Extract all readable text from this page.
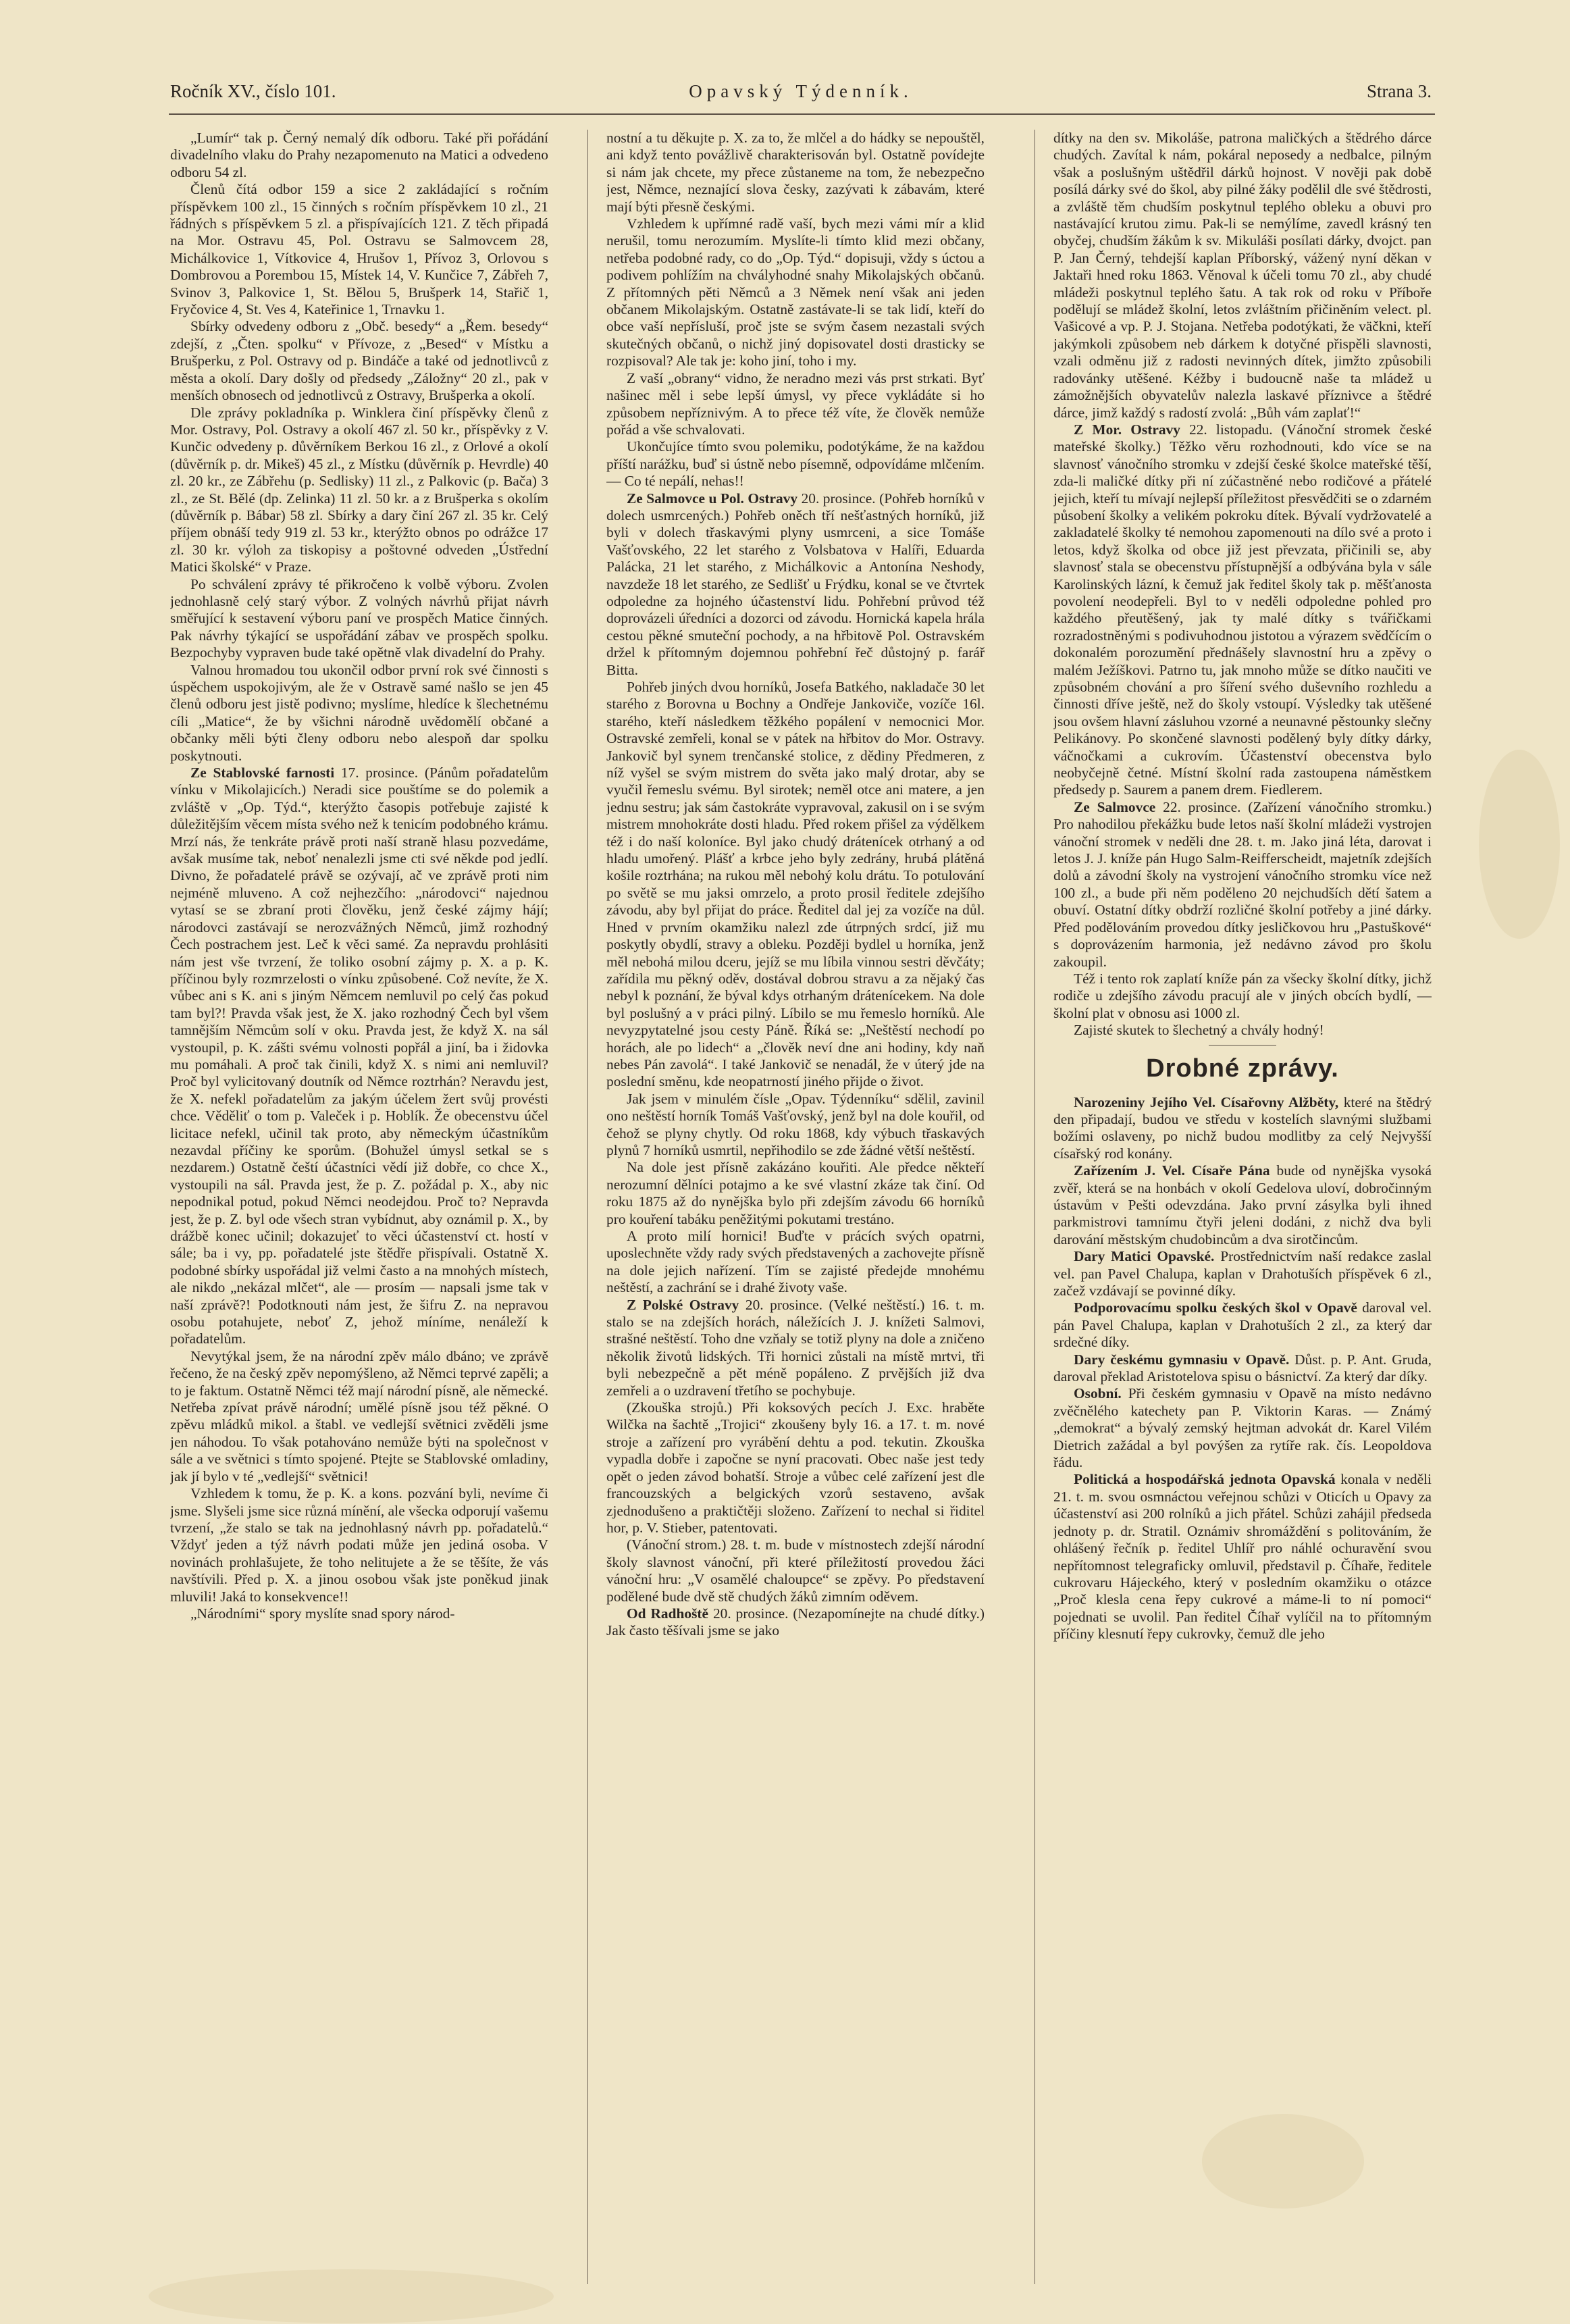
Ročník XV., číslo 101.	Opavský Týdenník.	Strana 3.

„Lumír“ tak p. Černý nemalý dík odboru. Také při pořádání divadelního vlaku do Prahy nezapomenuto na Matici a odvedeno odboru 54 zl.

Členů čítá odbor 159 a sice 2 zakládající s ročním příspěvkem 100 zl., 15 činných s ročním příspěvkem 10 zl., 21 řádných s příspěvkem 5 zl. a přispívajících 121. Z těch připadá na Mor. Ostravu 45, Pol. Ostravu se Salmovcem 28, Michálkovice 1, Vítkovice 4, Hrušov 1, Přívoz 3, Orlovou s Dombrovou a Porembou 15, Místek 14, V. Kunčice 7, Zábřeh 7, Svinov 3, Palkovice 1, St. Bělou 5, Brušperk 14, Stařič 1, Fryčovice 4, St. Ves 4, Kateřinice 1, Trnavku 1.

Sbírky odvedeny odboru z „Obč. besedy“ a „Řem. besedy“ zdejší, z „Čten. spolku“ v Přívoze, z „Besed“ v Místku a Brušperku, z Pol. Ostravy od p. Bindáče a také od jednotlivců z města a okolí. Dary došly od předsedy „Záložny“ 20 zl., pak v menších obnosech od jednotlivců z Ostravy, Brušperka a okolí.

Dle zprávy pokladníka p. Winklera činí příspěvky členů z Mor. Ostravy, Pol. Ostravy a okolí 467 zl. 50 kr., příspěvky z V. Kunčic odvedeny p. důvěrníkem Berkou 16 zl., z Orlové a okolí (důvěrník p. dr. Mikeš) 45 zl., z Místku (důvěrník p. Hevrdle) 40 zl. 20 kr., ze Zábřehu (p. Sedlisky) 11 zl., z Palkovic (p. Bača) 3 zl., ze St. Bělé (dp. Zelinka) 11 zl. 50 kr. a z Brušperka s okolím (důvěrník p. Bábar) 58 zl. Sbírky a dary činí 267 zl. 35 kr. Celý příjem obnáší tedy 919 zl. 53 kr., kterýžto obnos po odrážce 17 zl. 30 kr. výloh za tiskopisy a poštovné odveden „Ústřední Matici školské“ v Praze.

Po schválení zprávy té přikročeno k volbě výboru. Zvolen jednohlasně celý starý výbor. Z volných návrhů přijat návrh směřující k sestavení výboru paní ve prospěch Matice činných. Pak návrhy týkající se uspořádání zábav ve prospěch spolku. Bezpochyby vypraven bude také opětně vlak divadelní do Prahy.

Valnou hromadou tou ukončil odbor první rok své činnosti s úspěchem uspokojivým, ale že v Ostravě samé našlo se jen 45 členů odboru jest jistě podivno; myslíme, hledíce k šlechetnému cíli „Matice“, že by všichni národně uvědomělí občané a občanky měli býti členy odboru nebo alespoň dar spolku poskytnouti.

Ze Stablovské farnosti 17. prosince. (Pánům pořadatelům vínku v Mikolajicích.) Neradi sice pouštíme se do polemik a zvláště v „Op. Týd.“, kterýžto časopis potřebuje zajisté k důležitějším věcem místa svého než k tenicím podobného krámu. Mrzí nás, že tenkráte právě proti naší straně hlasu pozvedáme, avšak musíme tak, neboť nenalezli jsme cti své někde pod jedlí. Divno, že pořadatelé právě se ozývají, ač ve zprávě proti nim nejméně mluveno. A což nejhezčího: „národovci“ najednou vytasí se se zbraní proti člověku, jenž české zájmy hájí; národovci zastávají se nerozvážných Němců, jimž rozhodný Čech postrachem jest. Leč k věci samé. Za nepravdu prohlásiti nám jest vše tvrzení, že toliko osobní zájmy p. X. a p. K. příčinou byly rozmrzelosti o vínku způsobené. Což nevíte, že X. vůbec ani s K. ani s jiným Němcem nemluvil po celý čas pokud tam byl?! Pravda však jest, že X. jako rozhodný Čech byl všem tamnějším Němcům solí v oku. Pravda jest, že když X. na sál vystoupil, p. K. zášti svému volnosti popřál a jiní, ba i židovka mu pomáhali. A proč tak činili, když X. s nimi ani nemluvil? Proč byl vylicitovaný doutník od Němce roztrhán? Neravdu jest, že X. nefekl pořadatelům za jakým účelem žert svůj provésti chce. Věděliť o tom p. Valeček i p. Hoblík. Že obecenstvu účel licitace nefekl, učinil tak proto, aby německým účastníkům nezavdal příčiny ke sporům. (Bohužel úmysl setkal se s nezdarem.) Ostatně čeští účastníci vědí již dobře, co chce X., vystoupili na sál. Pravda jest, že p. Z. požádal p. X., aby nic nepodnikal potud, pokud Němci neodejdou. Proč to? Nepravda jest, že p. Z. byl ode všech stran vybídnut, aby oznámil p. X., by drážbě konec učinil; dokazujeť to věci účastenství ct. hostí v sále; ba i vy, pp. pořadatelé jste štědře přispívali. Ostatně X. podobné sbírky uspořádal již velmi často a na mnohých místech, ale nikdo „nekázal mlčet“, ale — prosím — napsali jsme tak v naší zprávě?! Podotknouti nám jest, že šifru Z. na nepravou osobu potahujete, neboť Z, jehož míníme, nenáleží k pořadatelům.

Nevytýkal jsem, že na národní zpěv málo dbáno; ve zprávě řečeno, že na český zpěv nepomýšleno, až Němci teprvé zapěli; a to je faktum. Ostatně Němci též mají národní písně, ale německé. Netřeba zpívat právě národní; umělé písně jsou též pěkné. O zpěvu mládků mikol. a štabl. ve vedlejší světnici zvěděli jsme jen náhodou. To však potahováno nemůže býti na společnost v sále a ve světnici s tímto spojené. Ptejte se Stablovské omladiny, jak jí bylo v té „vedlejší“ světnici!

Vzhledem k tomu, že p. K. a kons. pozvání byli, nevíme či jsme. Slyšeli jsme sice různá mínění, ale všecka odporují vašemu tvrzení, „že stalo se tak na jednohlasný návrh pp. pořadatelů.“ Vždyť jeden a týž návrh podati může jen jediná osoba. V novinách prohlašujete, že toho nelitujete a že se těšíte, že vás navštívili. Před p. X. a jinou osobou však jste poněkud jinak mluvili! Jaká to konsekvence!!

„Národními“ spory myslíte snad spory národ-

nostní a tu děkujte p. X. za to, že mlčel a do hádky se nepouštěl, ani když tento povážlivě charakterisován byl. Ostatně povídejte si nám jak chcete, my přece zůstaneme na tom, že nebezpečno jest, Němce, neznající slova česky, zazývati k zábavám, které mají býti přesně českými.

Vzhledem k upřímné radě vaší, bych mezi vámi mír a klid nerušil, tomu nerozumím. Myslíte-li tímto klid mezi občany, netřeba podobné rady, co do „Op. Týd.“ dopisuji, vždy s úctou a podivem pohlížím na chvályhodné snahy Mikolajských občanů. Z přítomných pěti Němců a 3 Němek není však ani jeden občanem Mikolajským. Ostatně zastávate-li se tak lidí, kteří do obce vaší nepřísluší, proč jste se svým časem nezastali svých skutečných občanů, o nichž jiný dopisovatel dosti drasticky se rozpisoval? Ale tak je: koho jiní, toho i my.

Z vaší „obrany“ vidno, že neradno mezi vás prst strkati. Byť našinec měl i sebe lepší úmysl, vy přece vykládáte si ho způsobem nepříznivým. A to přece též víte, že člověk nemůže pořád a vše schvalovati.

Ukončujíce tímto svou polemiku, podotýkáme, že na každou příští narážku, buď si ústně nebo písemně, odpovídáme mlčením. — Co té nepálí, nehas!!

Ze Salmovce u Pol. Ostravy 20. prosince. (Pohřeb horníků v dolech usmrcených.) Pohřeb oněch tří nešťastných horníků, již byli v dolech třaskavými plyny usmrceni, a sice Tomáše Vašťovského, 22 let starého z Volsbatova v Halíři, Eduarda Palácka, 21 let starého, z Michálkovic a Antonína Neshody, navzdeže 18 let starého, ze Sedlišť u Frýdku, konal se ve čtvrtek odpoledne za hojného účastenství lidu. Pohřební průvod též doprovázeli úředníci a dozorci od závodu. Hornická kapela hrála cestou pěkné smuteční pochody, a na hřbitově Pol. Ostravském držel k přítomným dojemnou pohřební řeč důstojný p. farář Bitta.

Pohřeb jiných dvou horníků, Josefa Batkého, nakladače 30 let starého z Borovna u Bochny a Ondřeje Jankoviče, vozíče 16l. starého, kteří následkem těžkého popálení v nemocnici Mor. Ostravské zemřeli, konal se v pátek na hřbitov do Mor. Ostravy. Jankovič byl synem trenčanské stolice, z dědiny Předmeren, z níž vyšel se svým mistrem do světa jako malý drotar, aby se vyučil řemeslu svému. Byl sirotek; neměl otce ani matere, a jen jednu sestru; jak sám častokráte vypravoval, zakusil on i se svým mistrem mnohokráte dosti hladu. Před rokem přišel za výdělkem též i do naší koloníce. Byl jako chudý drátenícek otrhaný a od hladu umořený. Plášť a krbce jeho byly zedrány, hrubá plátěná košile roztrhána; na rukou měl nebohý kolu drátu. To potulování po světě se mu jaksi omrzelo, a proto prosil ředitele zdejšího závodu, aby byl přijat do práce. Ředitel dal jej za vozíče na důl. Hned v prvním okamžiku nalezl zde útrpných srdcí, již mu poskytly obydlí, stravy a obleku. Později bydlel u horníka, jenž měl nebohá milou dceru, jejíž se mu líbila vinnou sestri děvčáty; zařídila mu pěkný oděv, dostával dobrou stravu a za nějaký čas nebyl k poznání, že býval kdys otrhaným drátenícekem. Na dole byl poslušný a v práci pilný. Líbilo se mu řemeslo horníků. Ale nevyzpytatelné jsou cesty Páně. Říká se: „Neštěstí nechodí po horách, ale po lidech“ a „člověk neví dne ani hodiny, kdy naň nebes Pán zavolá“. I také Jankovič se nenadál, že v úterý jde na poslední směnu, kde neopatrností jiného přijde o život.

Jak jsem v minulém čísle „Opav. Týdenníku“ sdělil, zavinil ono neštěstí horník Tomáš Vašťovský, jenž byl na dole kouřil, od čehož se plyny chytly. Od roku 1868, kdy výbuch třaskavých plynů 7 horníků usmrtil, nepřihodilo se zde žádné větší neštěstí.

Na dole jest přísně zakázáno kouřiti. Ale předce někteří nerozumní dělníci potajmo a ke své vlastní zkáze tak činí. Od roku 1875 až do nynějška bylo při zdejším závodu 66 horníků pro kouření tabáku peněžitými pokutami trestáno.

A proto milí hornici! Buďte v prácích svých opatrni, uposlechněte vždy rady svých představených a zachovejte přísně na dole jejich nařízení. Tím se zajisté předejde mnohému neštěstí, a zachrání se i drahé životy vaše.

Z Polské Ostravy 20. prosince. (Velké neštěstí.) 16. t. m. stalo se na zdejších horách, náležících J. J. knížeti Salmovi, strašné neštěstí. Toho dne vzňaly se totiž plyny na dole a zničeno několik životů lidských. Tři hornici zůstali na místě mrtvi, tři byli nebezpečně a pět méně popáleno. Z prvějších již dva zemřeli a o uzdravení třetího se pochybuje.

(Zkouška strojů.) Při koksových pecích J. Exc. hraběte Wilčka na šachtě „Trojici“ zkoušeny byly 16. a 17. t. m. nové stroje a zařízení pro vyrábění dehtu a pod. tekutin. Zkouška vypadla dobře i započne se nyní pracovati. Obec naše jest tedy opět o jeden závod bohatší. Stroje a vůbec celé zařízení jest dle francouzských a belgických vzorů sestaveno, avšak zjednodušeno a praktičtěji složeno. Zařízení to nechal si řiditel hor, p. V. Stieber, patentovati.

(Vánoční strom.) 28. t. m. bude v místnostech zdejší národní školy slavnost vánoční, při které příležitostí provedou žáci vánoční hru: „V osamělé chaloupce“ se zpěvy. Po představení podělené bude dvě stě chudých žáků zimním oděvem.

Od Radhoště 20. prosince. (Nezapomínejte na chudé dítky.) Jak často těšívali jsme se jako

dítky na den sv. Mikoláše, patrona maličkých a štědrého dárce chudých. Zavítal k nám, pokáral neposedy a nedbalce, pilným však a poslušným uštědřil dárků hojnost. V nověji pak době posílá dárky své do škol, aby pilné žáky podělil dle své štědrosti, a zvláště těm chudším poskytnul teplého obleku a obuvi pro nastávající krutou zimu. Pak-li se nemýlíme, zavedl krásný ten obyčej, chudším žákům k sv. Mikuláši posílati dárky, dvojct. pan P. Jan Černý, tehdejší kaplan Příborský, vážený nyní děkan v Jaktaři hned roku 1863. Věnoval k účeli tomu 70 zl., aby chudé mládeži poskytnul teplého šatu. A tak rok od roku v Příboře podělují se mládež školní, letos zvláštním přičiněním velect. pl. Vašicové a vp. P. J. Stojana. Netřeba podotýkati, že väčkni, kteří jakýmkoli způsobem neb dárkem k dotyčné přispěli slavnosti, vzali odměnu již z radosti nevinných dítek, jimžto způsobili radovánky utěšené. Kéžby i budoucně naše ta mládež u zámožnějších obyvatelův nalezla laskavé příznivce a štědré dárce, jimž každý s radostí zvolá: „Bůh vám zaplať!“

Z Mor. Ostravy 22. listopadu. (Vánoční stromek české mateřské školky.) Těžko věru rozhodnouti, kdo více se na slavnosť vánočního stromku v zdejší české školce mateřské těší, zda-li maličké dítky při ní zúčastněné nebo rodičové a přátelé jejich, kteří tu mívají nejlepší příležitost přesvědčiti se o zdarném působení školky a velikém pokroku dítek. Bývalí vydržovatelé a zakladatelé školky té nemohou zapomenouti na dílo své a proto i letos, když školka od obce již jest převzata, přičinili se, aby slavnosť stala se obecenstvu přístupnější a odbývána byla v sále Karolinských lázní, k čemuž jak ředitel školy tak p. měšťanosta povolení neodepřeli. Byl to v neděli odpoledne pohled pro každého přeutěšený, jak ty malé dítky s tvářičkami rozradostněnými s podivuhodnou jistotou a výrazem svědčícím o dokonalém porozumění přednášely slavnostní hru a zpěvy o malém Ježíškovi. Patrno tu, jak mnoho může se dítko naučiti ve způsobném chování a pro šíření svého duševního rozhledu a činnosti dříve ještě, než do školy vstoupí. Výsledky tak utěšené jsou ovšem hlavní zásluhou vzorné a neunavné pěstounky slečny Pelikánovy. Po skončené slavnosti podělený byly dítky dárky, váčnočkami a cukrovím. Účastenství obecenstva bylo neobyčejně četné. Místní školní rada zastoupena náměstkem předsedy p. Saurem a panem drem. Fiedlerem.

Ze Salmovce 22. prosince. (Zařízení vánočního stromku.) Pro nahodilou překážku bude letos naší školní mládeži vystrojen vánoční stromek v neděli dne 28. t. m. Jako jiná léta, darovat i letos J. J. kníže pán Hugo Salm-Reifferscheidt, majetník zdejších dolů a závodní školy na vystrojení vánočního stromku více než 100 zl., a bude při něm podělenο 20 nejchudších dětí šatem a obuví. Ostatní dítky obdrží rozličné školní potřeby a jiné dárky. Před podělováním provedou dítky jesličkovou hru „Pastuškové“ s doprovázením harmonia, jež nedávno závod pro školu zakoupil.

Též i tento rok zaplatí kníže pán za všecky školní dítky, jichž rodiče u zdejšího závodu pracují ale v jiných obcích bydlí, — školní plat v obnosu asi 1000 zl.

Zajisté skutek to šlechetný a chvály hodný!

Drobné zprávy.

Narozeniny Jejího Vel. Císařovny Alžběty, které na štědrý den připadají, budou ve středu v kostelích slavnými službami božími oslaveny, po nichž budou modlitby za celý Nejvyšší císařský rod konány.

Zařízením J. Vel. Císaře Pána bude od nynějška vysoká zvěř, která se na honbách v okolí Gedelova uloví, dobročinným ústavům v Pešti odevzdána. Jako první zásylka byli ihned parkmistrovi tamnímu čtyři jeleni dodáni, z nichž dva byli darování městským chudobincům a dva sirotčincům.

Dary Matici Opavské. Prostřednictvím naší redakce zaslal vel. pan Pavel Chalupa, kaplan v Drahotuších příspěvek 6 zl., začež vzdávají se povinné díky.

Podporovacímu spolku českých škol v Opavě daroval vel. pán Pavel Chalupa, kaplan v Drahotuších 2 zl., za který dar srdečné díky.

Dary českému gymnasiu v Opavě. Důst. p. P. Ant. Gruda, daroval překlad Aristotelova spisu o básnictví. Za který dar díky.

Osobní. Při českém gymnasiu v Opavě na místo nedávno zvěčnělého katechety pan P. Viktorin Karas. — Známý „demokrat“ a bývalý zemský hejtman advokát dr. Karel Vilém Dietrich zažádal a byl povýšen za rytíře rak. čís. Leopoldova řádu.

Politická a hospodářská jednota Opavská konala v neděli 21. t. m. svou osmnáctou veřejnou schůzi v Oticích u Opavy za účastenství asi 200 rolníků a jich přátel. Schůzi zahájil předseda jednoty p. dr. Stratil. Oznámiv shromáždění s politováním, že ohlášený řečník p. ředitel Uhlíř pro náhlé ochuravění svou nepřítomnost telegraficky omluvil, představil p. Číhaře, ředitele cukrovaru Hájeckého, který v posledním okamžiku o otázce „Proč klesla cena řepy cukrové a máme-li to ní pomoci“ pojednati se uvolil. Pan ředitel Číhař vylíčil na to přítomným příčiny klesnutí řepy cukrovky, čemuž dle jeho
